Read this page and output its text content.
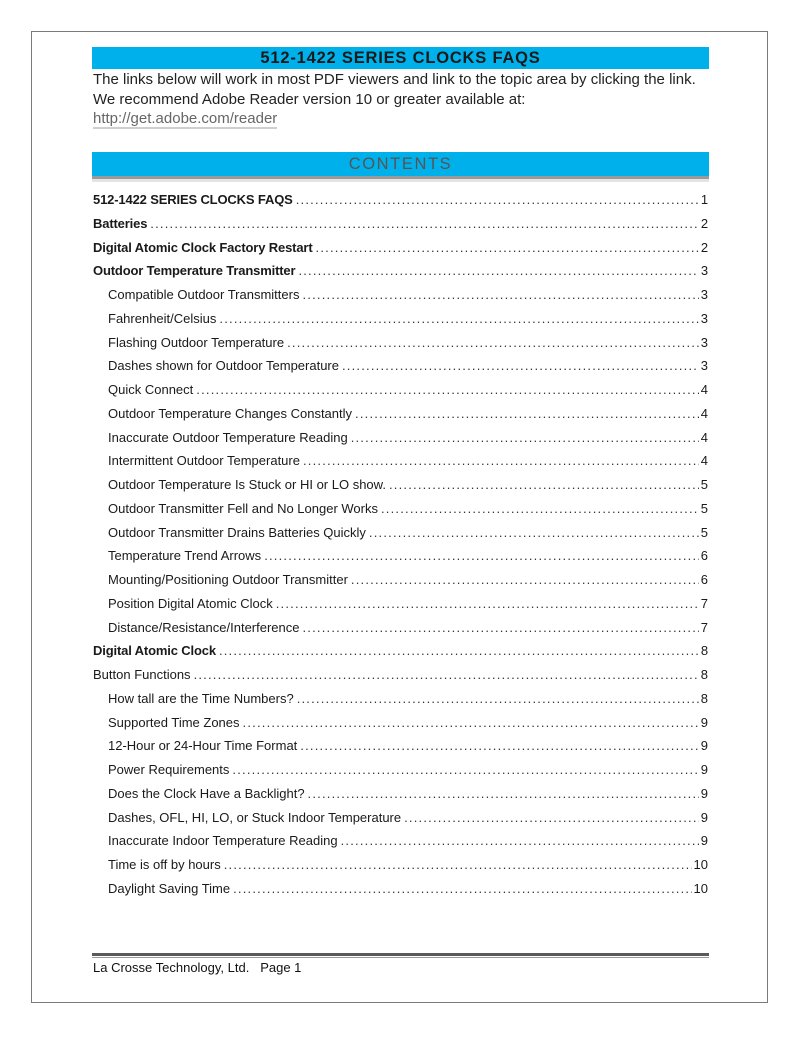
512-1422 SERIES CLOCKS FAQS
The links below will work in most PDF viewers and link to the topic area by clicking the link. We recommend Adobe Reader version 10 or greater available at:
http://get.adobe.com/reader
CONTENTS
512-1422 SERIES CLOCKS FAQS .....	1
Batteries .....	2
Digital Atomic Clock Factory Restart .....	2
Outdoor Temperature Transmitter .....	3
Compatible Outdoor Transmitters .....	3
Fahrenheit/Celsius .....	3
Flashing Outdoor Temperature .....	3
Dashes shown for Outdoor Temperature .....	3
Quick Connect .....	4
Outdoor Temperature Changes Constantly .....	4
Inaccurate Outdoor Temperature Reading .....	4
Intermittent Outdoor Temperature .....	4
Outdoor Temperature Is Stuck or HI or LO show. .....	5
Outdoor Transmitter Fell and No Longer Works .....	5
Outdoor Transmitter Drains Batteries Quickly .....	5
Temperature Trend Arrows .....	6
Mounting/Positioning Outdoor Transmitter .....	6
Position Digital Atomic Clock .....	7
Distance/Resistance/Interference .....	7
Digital Atomic Clock .....	8
Button Functions .....	8
How tall are the Time Numbers? .....	8
Supported Time Zones .....	9
12-Hour or 24-Hour Time Format .....	9
Power Requirements .....	9
Does the Clock Have a Backlight? .....	9
Dashes, OFL, HI, LO, or Stuck Indoor Temperature .....	9
Inaccurate Indoor Temperature Reading .....	9
Time is off by hours .....	10
Daylight Saving Time .....	10
La Crosse Technology, Ltd. Page 1
